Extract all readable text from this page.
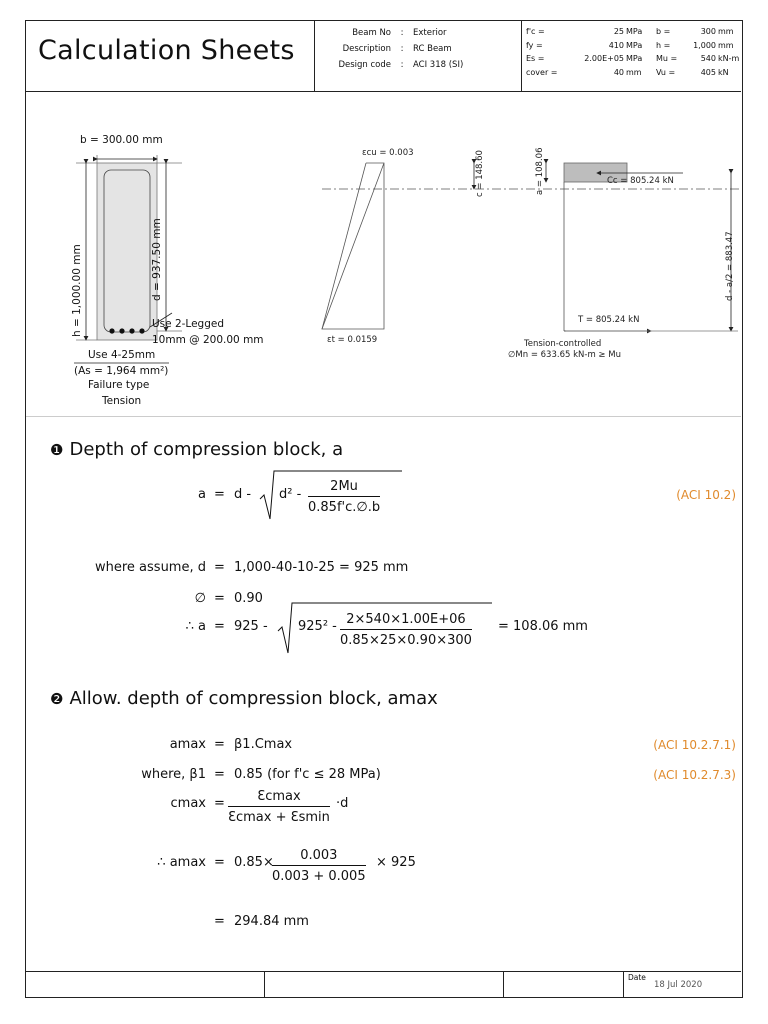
Calculation Sheets
Beam No	:	Exterior
Description	:	RC Beam
Design code	:	ACI 318 (SI)
f'c =	25 MPa
fy =	410 MPa
Es =	2.00E+05 MPa
cover =	40 mm
b =	300 mm
h =	1,000 mm
Mu =	540 kN-m
Vu =	405 kN
b = 300.00 mm
h = 1,000.00 mm	d = 937.50 mm
Use 2-Legged
10mm @ 200.00 mm
Use 4-25mm
(As = 1,964 mm²)
Failure type
Tension
εcu = 0.003
εt = 0.0159
c = 148.60	a = 108.06	Cc = 805.24 kN
T = 805.24 kN
d - a/2 = 883.47
Tension-controlled
∅Mn = 633.65 kN-m ≥ Mu
❶ Depth of compression block, a
$a = d - d^2 - \frac{2Mu}{0.85f'c.\emptyset.b}$	(ACI 10.2)
where assume, d = 1,000-40-10-25 = 925 mm
∅ = 0.90
∴ $a = 925 - 925^2 - \frac{2\times 540\times 1.00E+06}{0.85\times 25\times 0.90\times 300} = 108.06$ mm
❷ Allow. depth of compression block, amax
amax = β1.Cmax	(ACI 10.2.7.1)
where, β1 = 0.85 (for f'c ≤ 28 MPa)	(ACI 10.2.7.3)
cmax =	Ɛcmax
Ɛcmax + Ɛsmin
·d
∴ amax = 0.85×
$\frac{0.003}{0.003 + 0.005} \times 925$
= 294.84 mm
Date
18 Jul 2020
